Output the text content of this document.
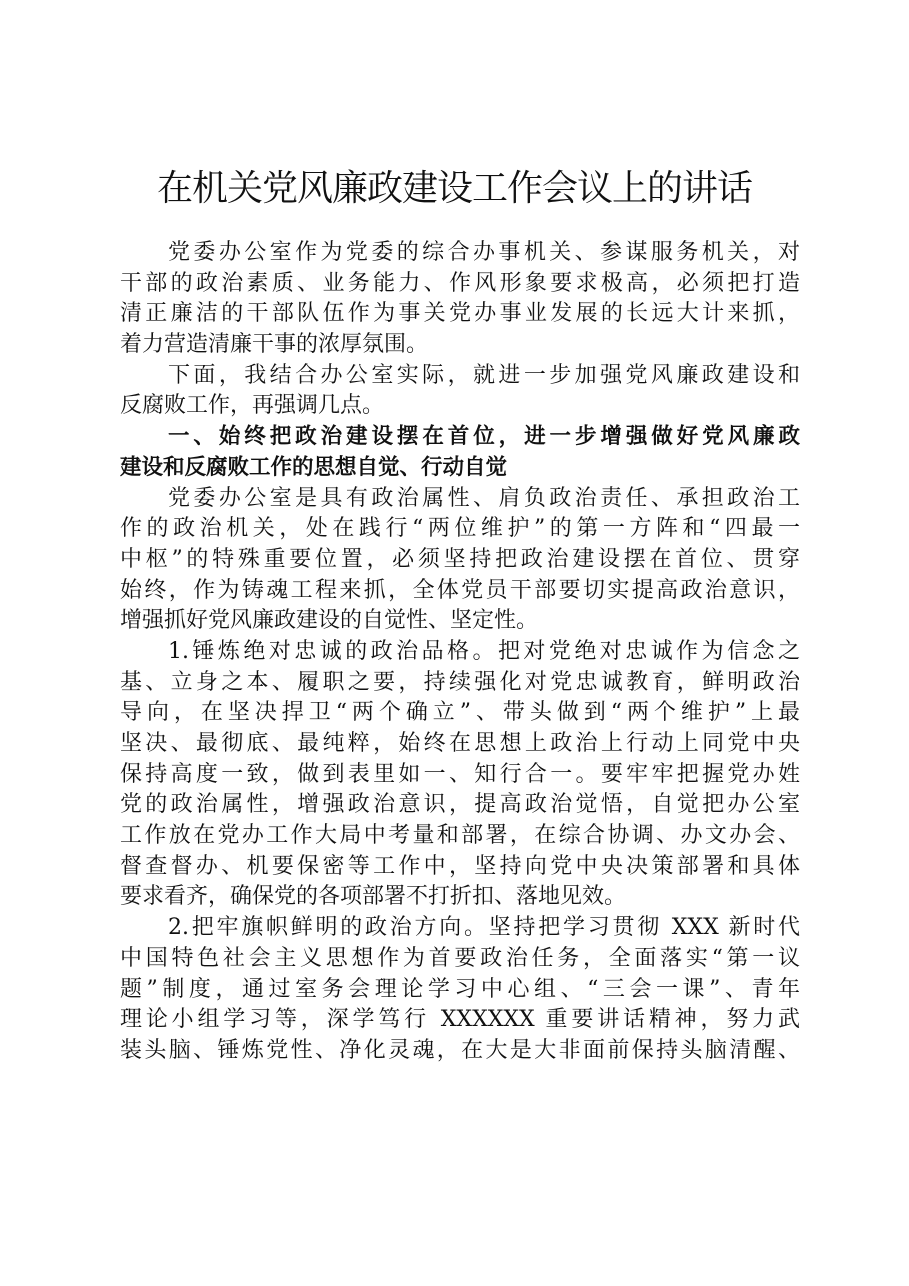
在机关党风廉政建设工作会议上的讲话
党委办公室作为党委的综合办事机关、参谋服务机关，对
干部的政治素质、业务能力、作风形象要求极高，必须把打造
清正廉洁的干部队伍作为事关党办事业发展的长远大计来抓，
着力营造清廉干事的浓厚氛围。
下面，我结合办公室实际，就进一步加强党风廉政建设和
反腐败工作，再强调几点。
一、始终把政治建设摆在首位，进一步增强做好党风廉政
建设和反腐败工作的思想自觉、行动自觉
党委办公室是具有政治属性、肩负政治责任、承担政治工
作的政治机关，处在践行“两位维护”的第一方阵和“四最一
中枢”的特殊重要位置，必须坚持把政治建设摆在首位、贯穿
始终，作为铸魂工程来抓，全体党员干部要切实提高政治意识，
增强抓好党风廉政建设的自觉性、坚定性。
1.锤炼绝对忠诚的政治品格。把对党绝对忠诚作为信念之
基、立身之本、履职之要，持续强化对党忠诚教育，鲜明政治
导向，在坚决捍卫“两个确立”、带头做到“两个维护”上最
坚决、最彻底、最纯粹，始终在思想上政治上行动上同党中央
保持高度一致，做到表里如一、知行合一。要牢牢把握党办姓
党的政治属性，增强政治意识，提高政治觉悟，自觉把办公室
工作放在党办工作大局中考量和部署，在综合协调、办文办会、
督查督办、机要保密等工作中，坚持向党中央决策部署和具体
要求看齐，确保党的各项部署不打折扣、落地见效。
2.把牢旗帜鲜明的政治方向。坚持把学习贯彻 XXX 新时代
中国特色社会主义思想作为首要政治任务，全面落实“第一议
题”制度，通过室务会理论学习中心组、“三会一课”、青年
理论小组学习等，深学笃行 XXXXXX 重要讲话精神，努力武
装头脑、锤炼党性、净化灵魂，在大是大非面前保持头脑清醒、
